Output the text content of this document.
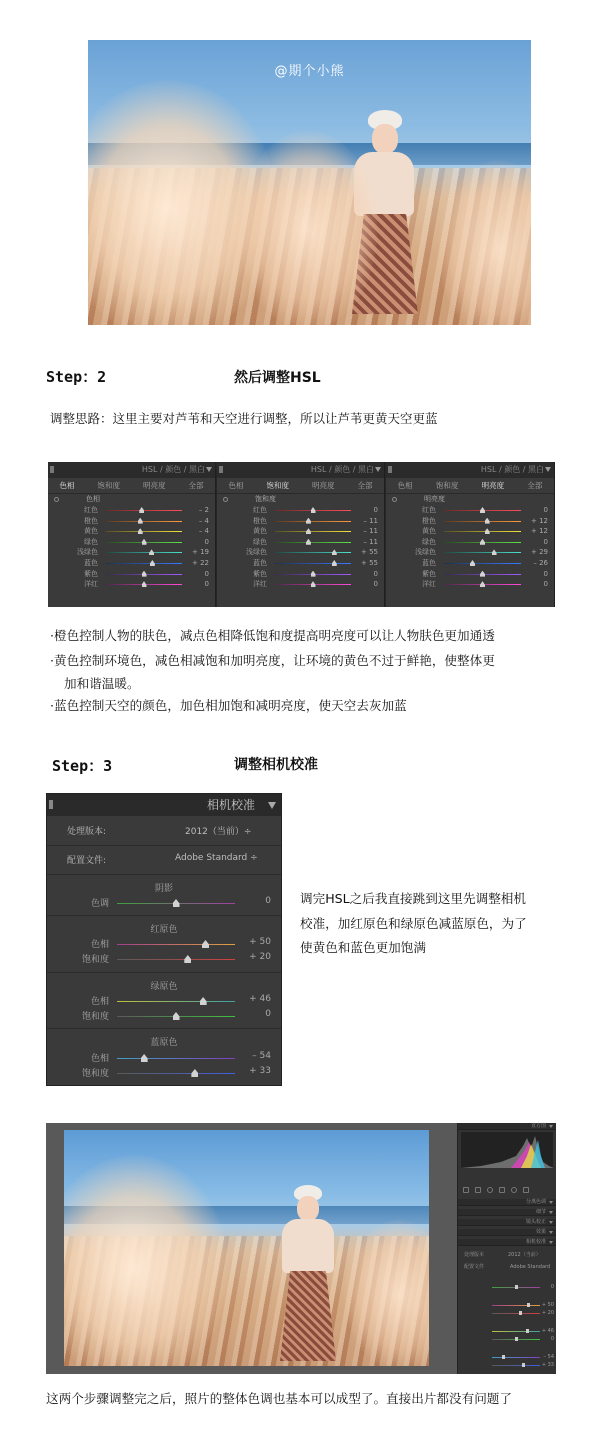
@期个小熊
Step：2	然后调整HSL
调整思路：这里主要对芦苇和天空进行调整，所以让芦苇更黄天空更蓝
HSL / 颜色 / 黑白
色相	饱和度	明亮度	全部
色相
红色	– 2
橙色	– 4
黄色	– 4
绿色	0
浅绿色	+ 19
蓝色	+ 22
紫色	0
洋红	0
HSL / 颜色 / 黑白
色相	饱和度	明亮度	全部
饱和度
红色	0
橙色	– 11
黄色	– 11
绿色	– 11
浅绿色	+ 55
蓝色	+ 55
紫色	0
洋红	0
HSL / 颜色 / 黑白
色相	饱和度	明亮度	全部
明亮度
红色	0
橙色	+ 12
黄色	+ 12
绿色	0
浅绿色	+ 29
蓝色	– 26
紫色	0
洋红	0
·橙色控制人物的肤色，减点色相降低饱和度提高明亮度可以让人物肤色更加通透
·黄色控制环境色，减色相减饱和加明亮度，让环境的黄色不过于鲜艳，使整体更
加和谐温暖。
·蓝色控制天空的颜色，加色相加饱和减明亮度，使天空去灰加蓝
Step：3	调整相机校准
相机校准
处理版本:	2012（当前）÷
配置文件:	Adobe Standard ÷
阴影
色调	0
红原色
色相	+ 50
饱和度	+ 20
绿原色
色相	+ 46
饱和度	0
蓝原色
色相	– 54
饱和度	+ 33
调完HSL之后我直接跳到这里先调整相机
校准，加红原色和绿原色减蓝原色，为了
使黄色和蓝色更加饱满
直方图
分离色调
细节
镜头校正
效果
相机校准
处理版本	2012（当前）
配置文件	Adobe Standard
0
+ 50
+ 20
+ 46
0
– 54
+ 33
这两个步骤调整完之后，照片的整体色调也基本可以成型了。直接出片都没有问题了
